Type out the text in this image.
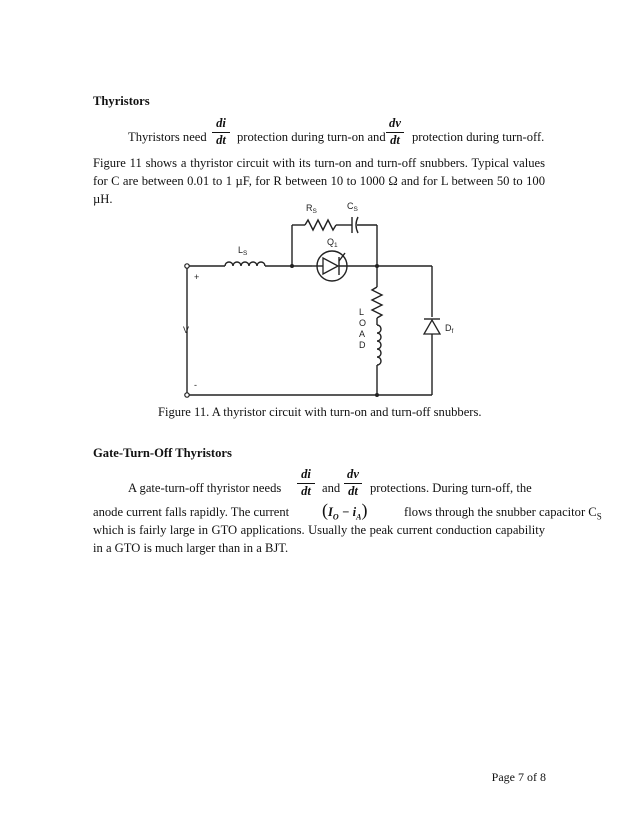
Thyristors
Thyristors need
di
dt protection during turn-on and
dv
dt protection during turn-off.
Figure 11 shows a thyristor circuit with its turn-on and turn-off snubbers. Typical values
for C are between 0.01 to 1 µF, for R between 10 to 1000 Ω and for L between 50 to 100
µH.
$R_S$
$C_S$
$L_S$
$Q_1$
+
-
V
L
O
A
D
$D_f$
Figure 11. A thyristor circuit with turn-on and turn-off snubbers.
Gate-Turn-Off Thyristors
A gate-turn-off thyristor needs
di
dt and
dv
dt protections. During turn-off, the
anode current falls rapidly. The current $(I_O - i_A)$	flows through the snubber capacitor $C_S$
which is fairly large in GTO applications. Usually the peak current conduction capability
in a GTO is much larger than in a BJT.
Page 7 of 8
